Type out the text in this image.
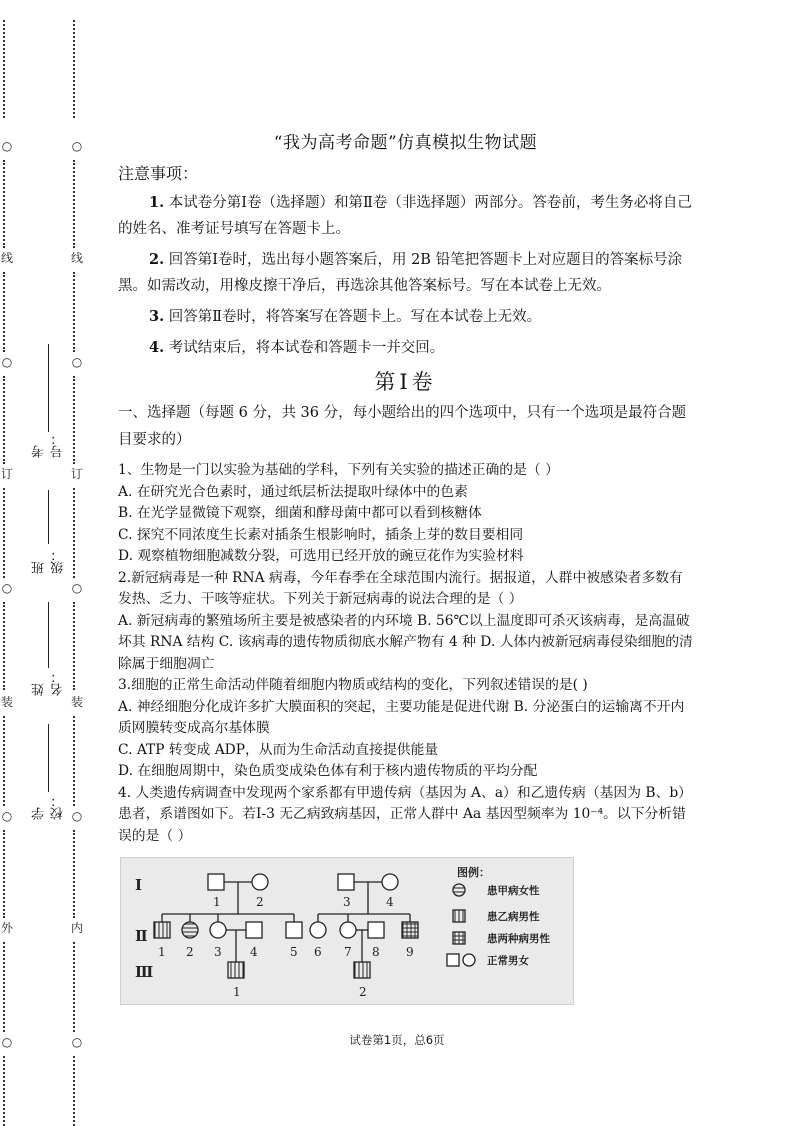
○
线
○
订
○
装
○
外
○
○
线
○
订
○
装
○
内
○
考号：
班级：
姓名：
学校：
“我为高考命题”仿真模拟生物试题
注意事项：

1. 本试卷分第Ⅰ卷（选择题）和第Ⅱ卷（非选择题）两部分。答卷前，考生务必将自己的姓名、准考证号填写在答题卡上。

2. 回答第Ⅰ卷时，选出每小题答案后，用 2B 铅笔把答题卡上对应题目的答案标号涂黑。如需改动，用橡皮擦干净后，再选涂其他答案标号。写在本试卷上无效。

3. 回答第Ⅱ卷时，将答案写在答题卡上。写在本试卷上无效。

4. 考试结束后，将本试卷和答题卡一并交回。

第Ⅰ卷
一、选择题（每题 6 分，共 36 分，每小题给出的四个选项中，只有一个选项是最符合题目要求的）

1、生物是一门以实验为基础的学科，下列有关实验的描述正确的是（ ）

A. 在研究光合色素时，通过纸层析法提取叶绿体中的色素

B. 在光学显微镜下观察，细菌和酵母菌中都可以看到核糖体

C. 探究不同浓度生长素对插条生根影响时，插条上芽的数目要相同

D. 观察植物细胞减数分裂，可选用已经开放的豌豆花作为实验材料

2.新冠病毒是一种 RNA 病毒，今年春季在全球范围内流行。据报道，人群中被感染者多数有发热、乏力、干咳等症状。下列关于新冠病毒的说法合理的是（ ）

A. 新冠病毒的繁殖场所主要是被感染者的内环境 B. 56℃以上温度即可杀灭该病毒，是高温破坏其 RNA 结构 C. 该病毒的遗传物质彻底水解产物有 4 种 D. 人体内被新冠病毒侵染细胞的清除属于细胞凋亡

3.细胞的正常生命活动伴随着细胞内物质或结构的变化，下列叙述错误的是( )

A. 神经细胞分化成许多扩大膜面积的突起，主要功能是促进代谢 B. 分泌蛋白的运输离不开内质网膜转变成高尔基体膜

C. ATP 转变成 ADP，从而为生命活动直接提供能量

D. 在细胞周期中，染色质变成染色体有利于核内遗传物质的平均分配

4. 人类遗传病调查中发现两个家系都有甲遗传病（基因为 A、a）和乙遗传病（基因为 B、b）患者，系谱图如下。若Ⅰ-3 无乙病致病基因，正常人群中 Aa 基因型频率为 10⁻⁴。以下分析错误的是（ ）

Ⅰ
Ⅱ
Ⅲ
1	2
1 2 3 4	5
1
3	4
6 7 8 9
2
图例：
患甲病女性
患乙病男性
患两种病男性
正常男女
试卷第1页，总6页
